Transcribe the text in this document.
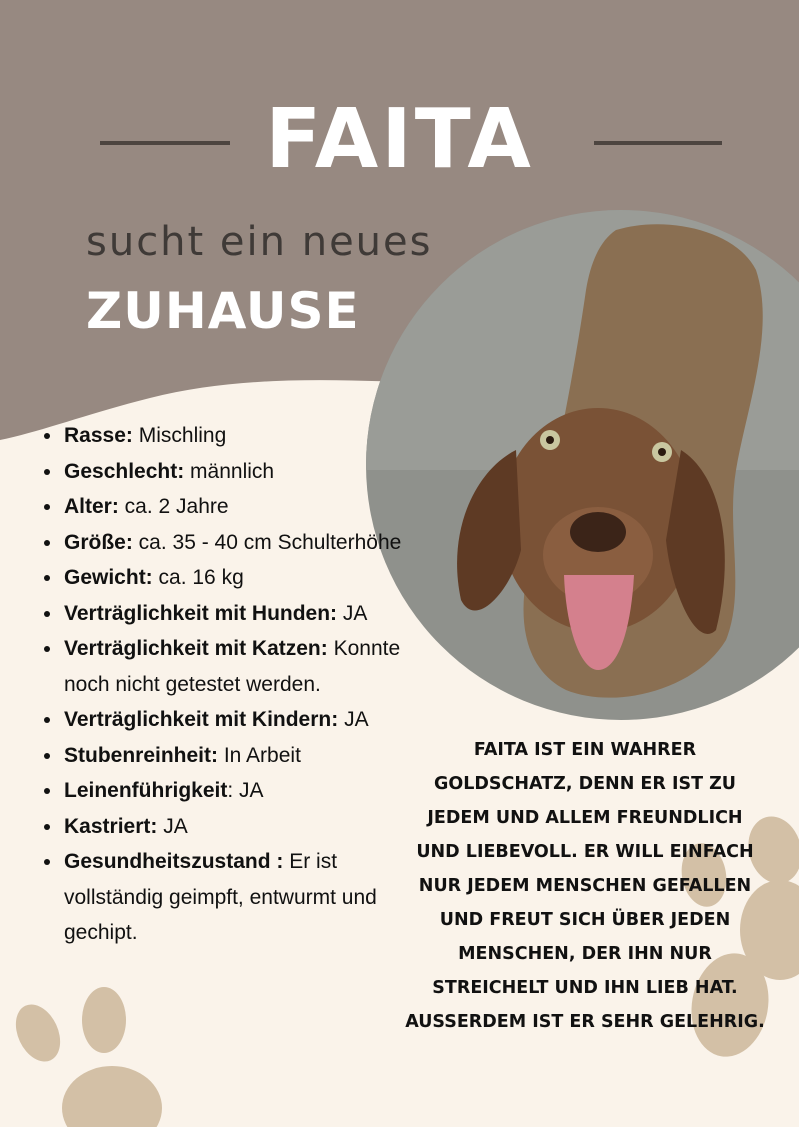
FAITA
sucht ein neues
ZUHAUSE
Rasse: Mischling
Geschlecht: männlich
Alter: ca. 2 Jahre
Größe: ca. 35 - 40 cm Schulterhöhe
Gewicht: ca. 16 kg
Verträglichkeit mit Hunden: JA
Verträglichkeit mit Katzen: Konnte noch nicht getestet werden.
Verträglichkeit mit Kindern: JA
Stubenreinheit: In Arbeit
Leinenführigkeit: JA
Kastriert: JA
Gesundheitszustand : Er ist vollständig geimpft, entwurmt und gechipt.
FAITA IST EIN WAHRER GOLDSCHATZ, DENN ER IST ZU JEDEM UND ALLEM FREUNDLICH UND LIEBEVOLL. ER WILL EINFACH NUR JEDEM MENSCHEN GEFALLEN UND FREUT SICH ÜBER JEDEN MENSCHEN, DER IHN NUR STREICHELT UND IHN LIEB HAT. AUSSERDEM IST ER SEHR GELEHRIG.
